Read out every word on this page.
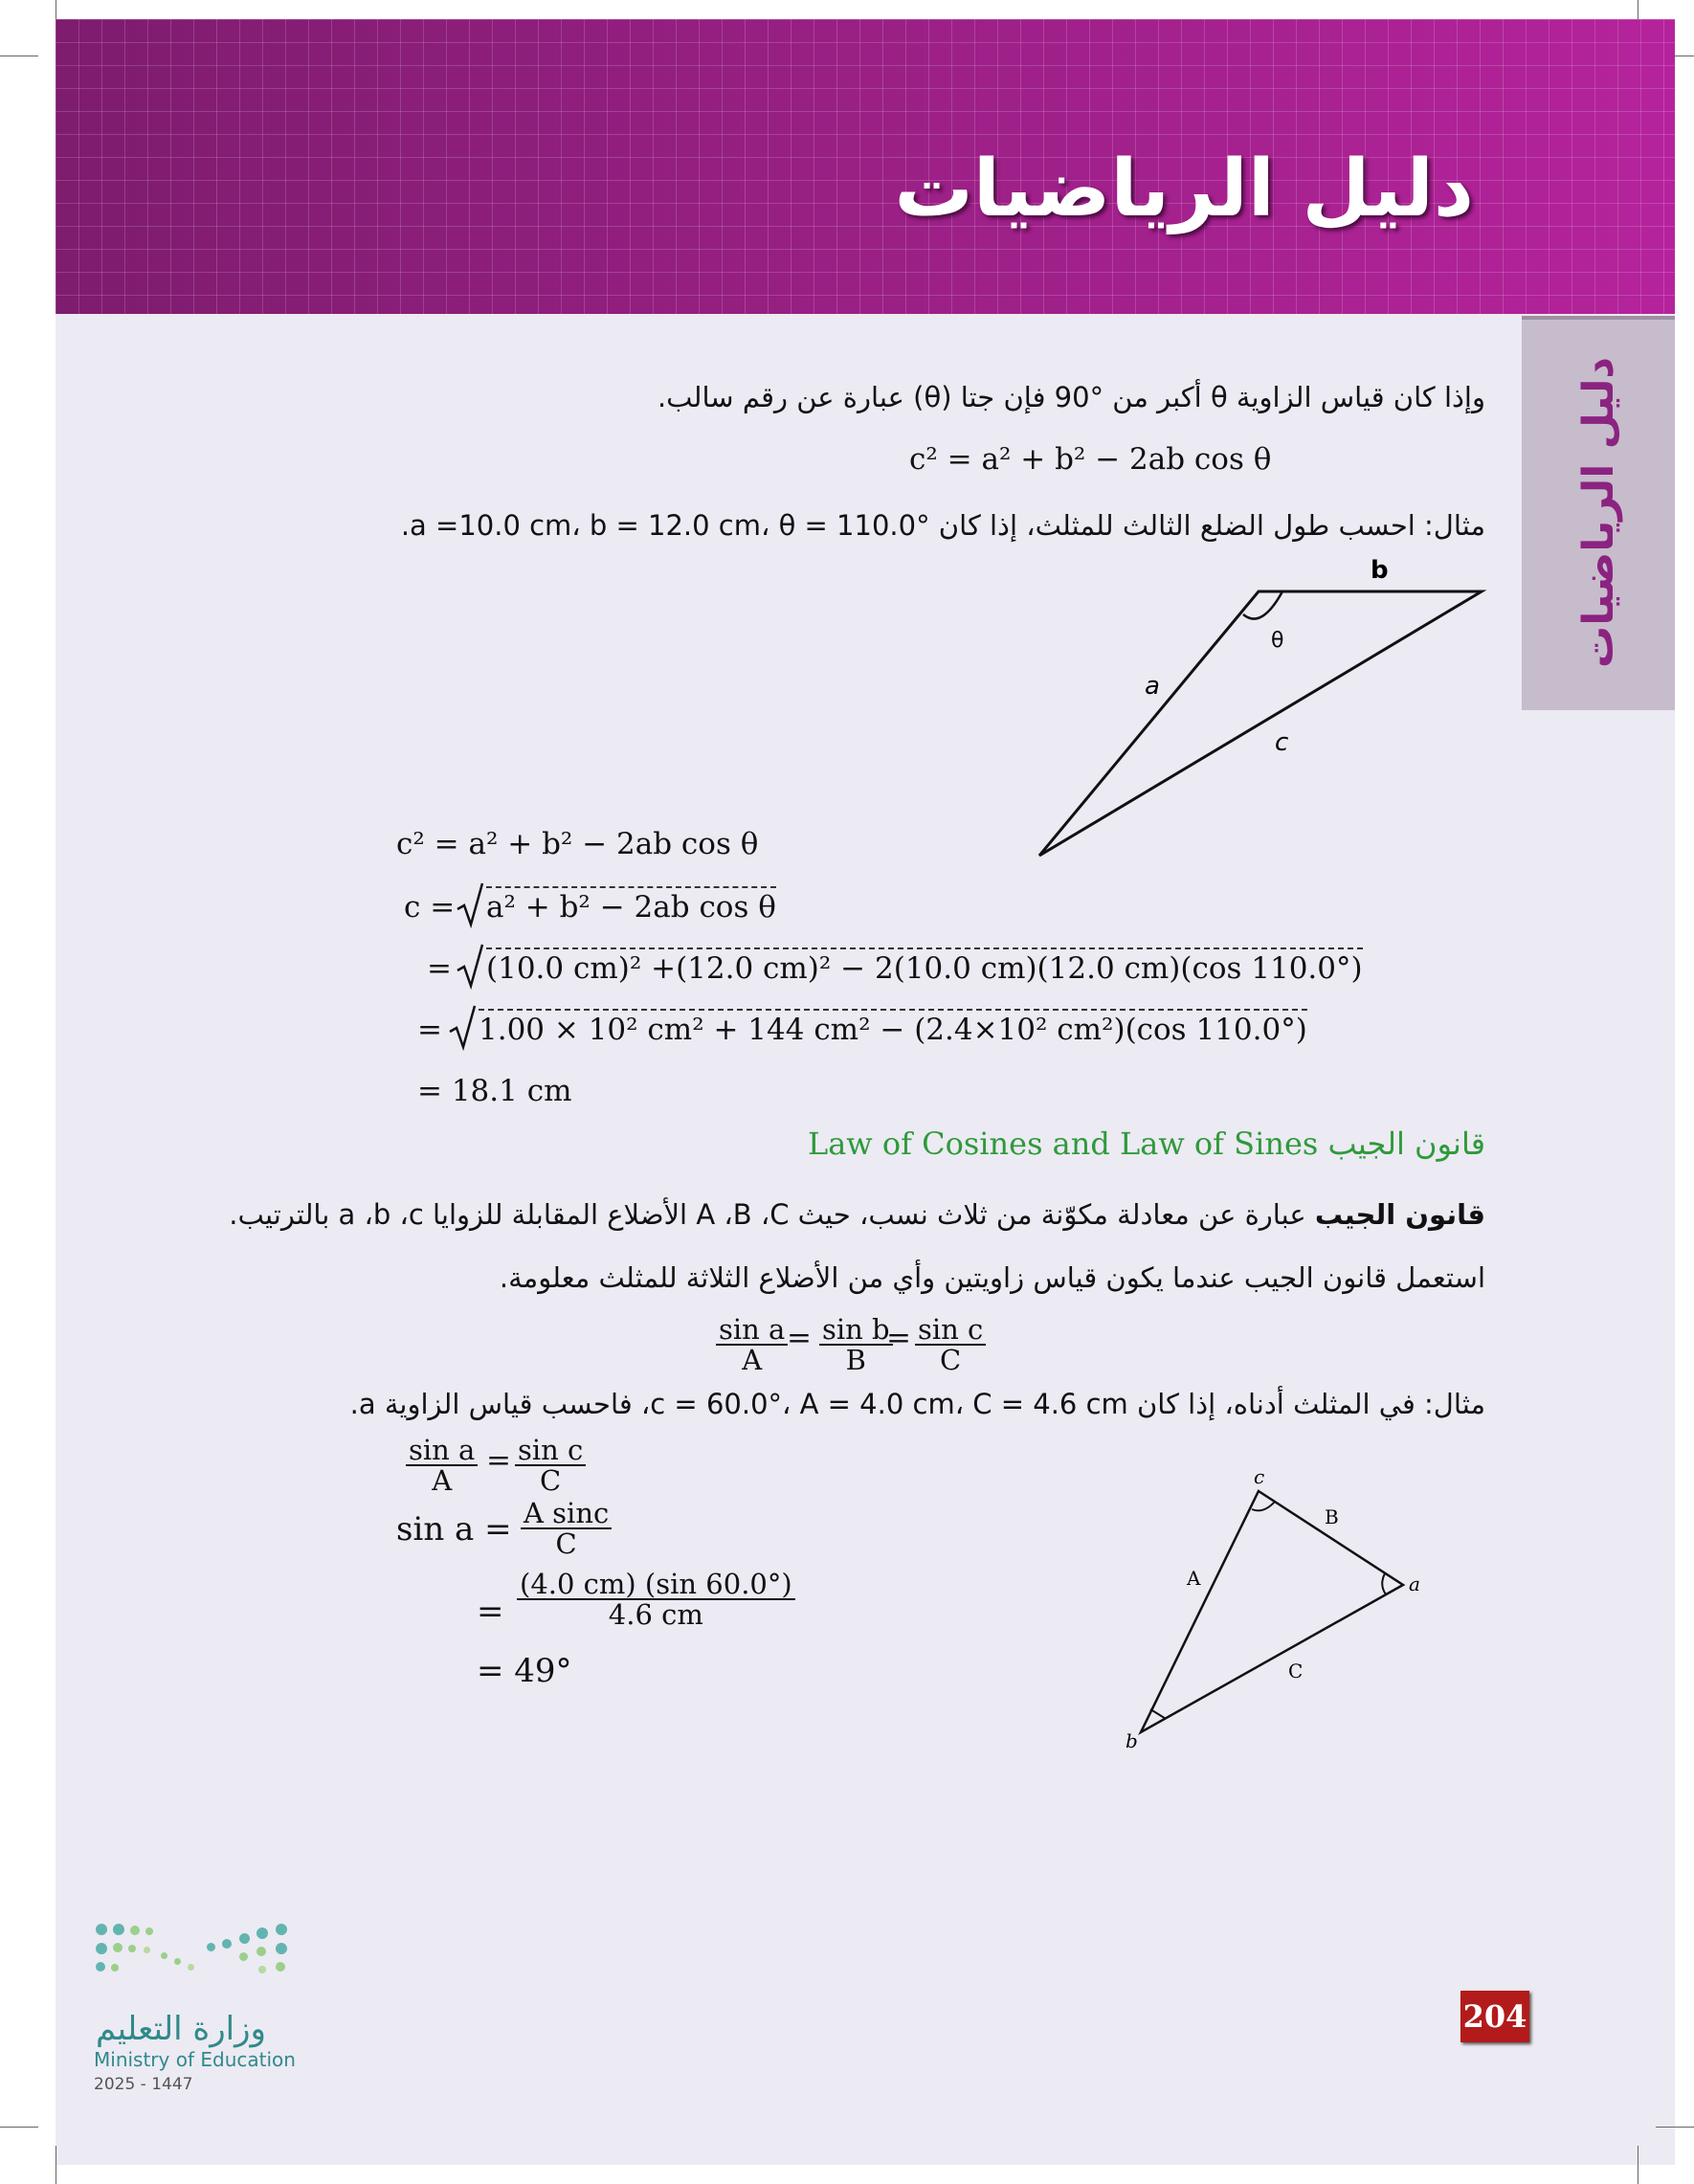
دليل الرياضيات
دليل الرياضيات
وإذا كان قياس الزاوية θ أكبر من °90 فإن جتا (θ) عبارة عن رقم سالب.
c² = a² + b² − 2ab cos θ
مثال: احسب طول الضلع الثالث للمثلث، إذا كان a =10.0 cm، b = 12.0 cm، θ = 110.0°.
b
θ
a
c
c² = a² + b² − 2ab cos θ
c = a² + b² − 2ab cos θ
= (10.0 cm)² +(12.0 cm)² − 2(10.0 cm)(12.0 cm)(cos 110.0°)
= 1.00 × 10² cm² + 144 cm² − (2.4×10² cm²)(cos 110.0°)
= 18.1 cm
قانون الجيب Law of Cosines and Law of Sines
قانون الجيب عبارة عن معادلة مكوّنة من ثلاث نسب، حيث A ،B ،C الأضلاع المقابلة للزوايا a ،b ،c بالترتيب.
استعمل قانون الجيب عندما يكون قياس زاويتين وأي من الأضلاع الثلاثة للمثلث معلومة.
$\frac{\text{sin a}}{A}$
= $\frac{\text{sin b}}{B}$
= $\frac{\text{sin c}}{C}$
مثال: في المثلث أدناه، إذا كان c = 60.0°، A = 4.0 cm، C = 4.6 cm، فاحسب قياس الزاوية a.
$\frac{\text{sin a}}{A} = \frac{\text{sin c}}{C}$
$\sin a = \frac{\text{A sinc}}{C}$
= $\frac{(4.0 cm) (\sin 60.0^\circ)}{4.6 cm}$
= 49°
c
B
A	a
C
b
وزارة التعليم
Ministry of Education
2025 - 1447
204
